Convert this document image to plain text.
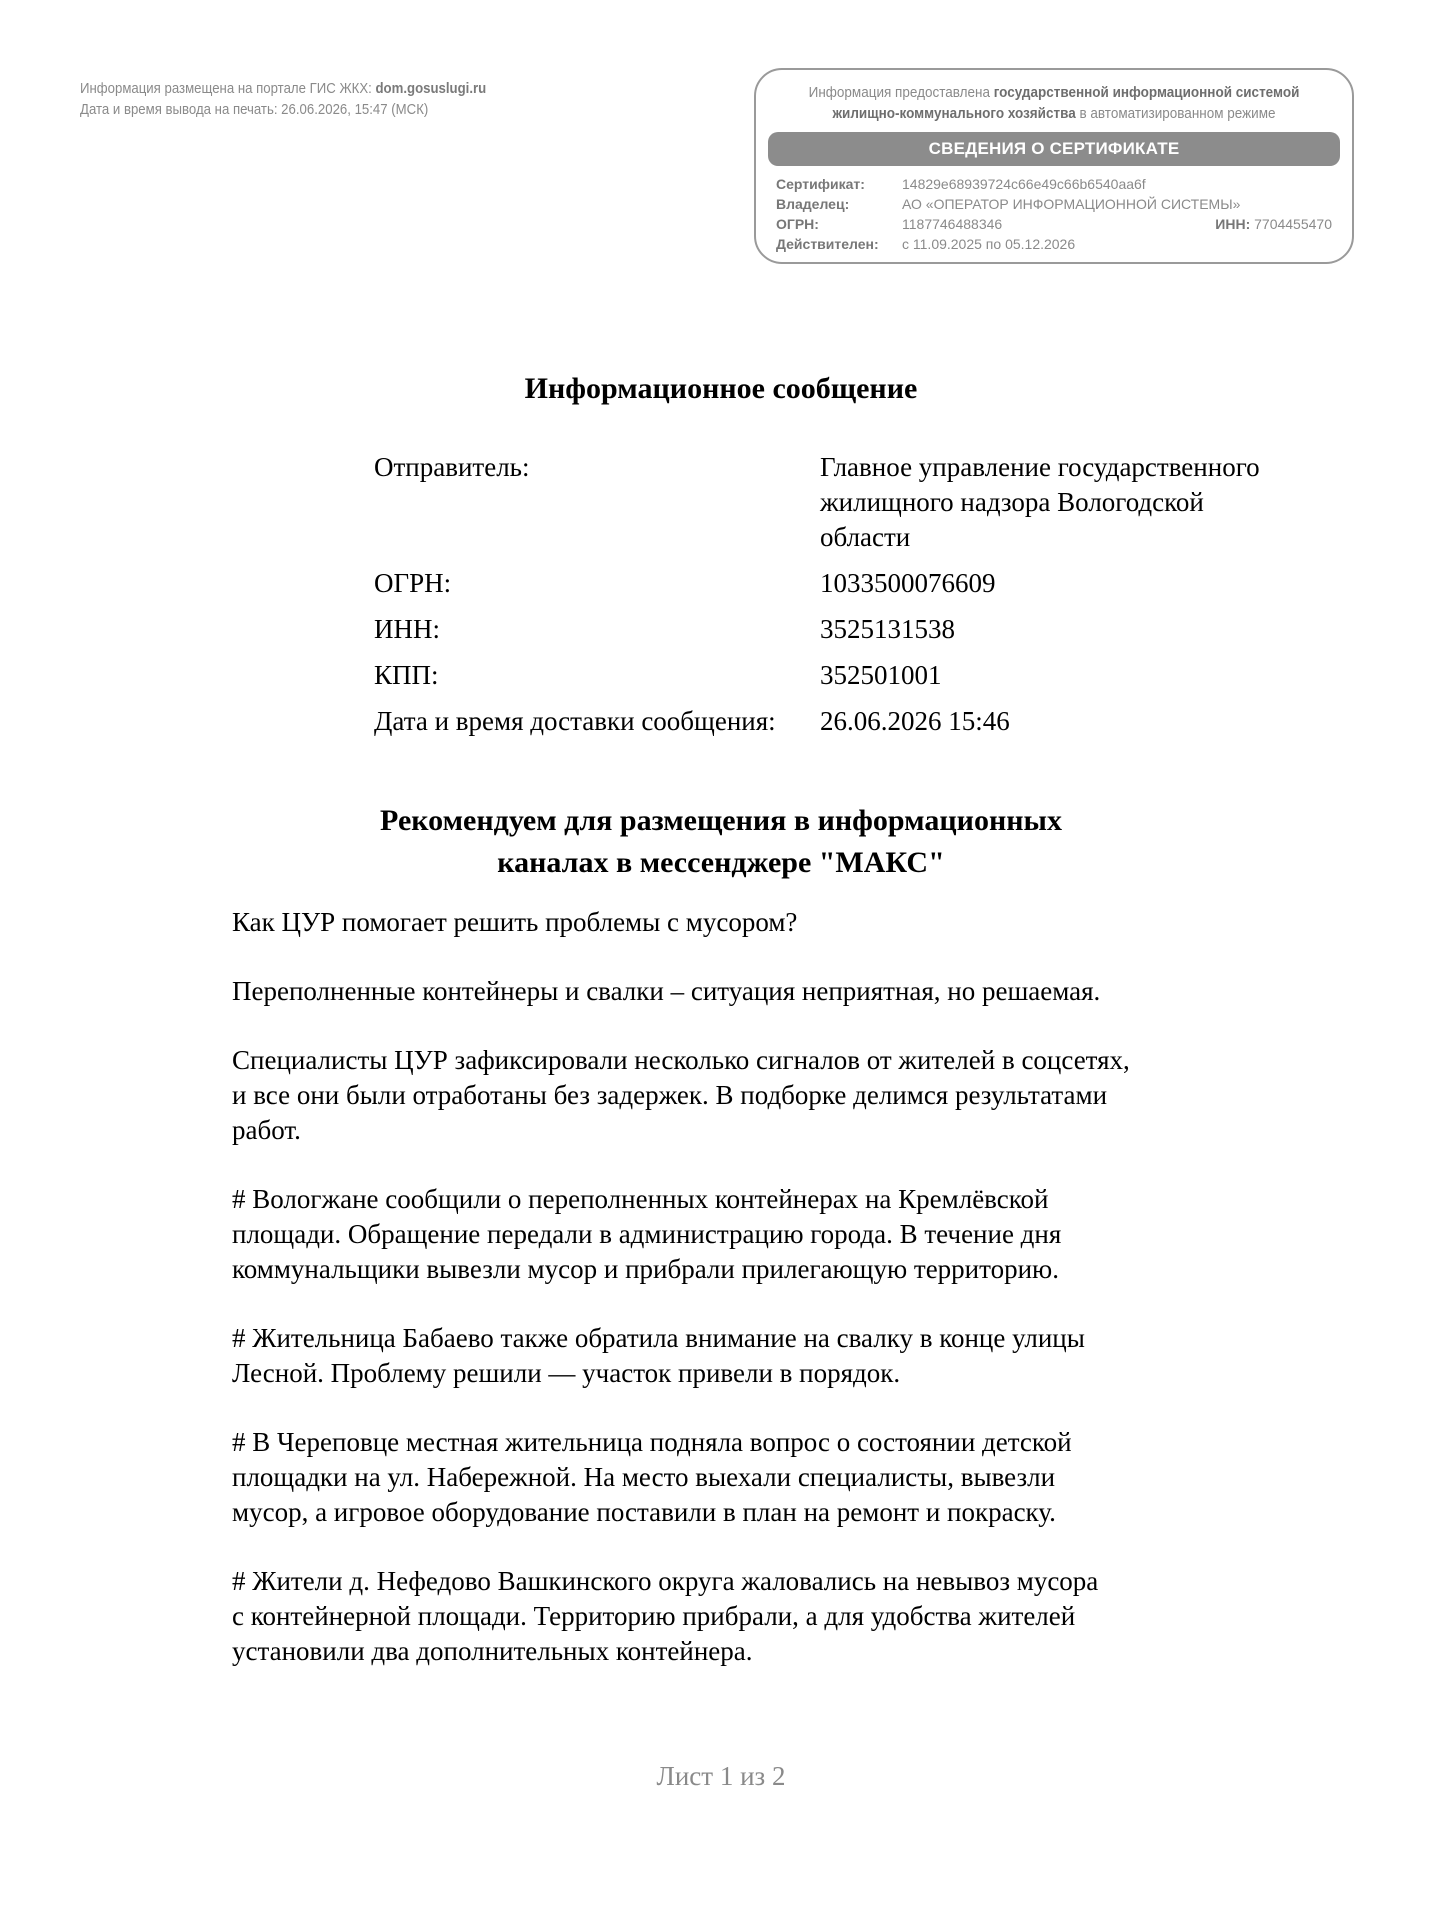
Информация размещена на портале ГИС ЖКХ: dom.gosuslugi.ru
Дата и время вывода на печать: 26.06.2026, 15:47 (МСК)
Информация предоставлена государственной информационной системой
жилищно-коммунального хозяйства в автоматизированном режиме
СВЕДЕНИЯ О СЕРТИФИКАТЕ
Сертификат:	14829e68939724c66e49c66b6540aa6f
Владелец:	АО «ОПЕРАТОР ИНФОРМАЦИОННОЙ СИСТЕМЫ»
ОГРН:	1187746488346	ИНН: 7704455470
Действителен: с 11.09.2025 по 05.12.2026
Информационное сообщение
Отправитель:	Главное управление государственного жилищного надзора Вологодской области
ОГРН:	1033500076609
ИНН:	3525131538
КПП:	352501001
Дата и время доставки сообщения:	26.06.2026 15:46
Рекомендуем для размещения в информационных
каналах в мессенджере "МАКС"

Как ЦУР помогает решить проблемы с мусором?

Переполненные контейнеры и свалки – ситуация неприятная, но решаемая.

Специалисты ЦУР зафиксировали несколько сигналов от жителей в соцсетях,
и все они были отработаны без задержек. В подборке делимся результатами
работ.

# Вологжане сообщили о переполненных контейнерах на Кремлёвской
площади. Обращение передали в администрацию города. В течение дня
коммунальщики вывезли мусор и прибрали прилегающую территорию.

# Жительница Бабаево также обратила внимание на свалку в конце улицы
Лесной. Проблему решили — участок привели в порядок.

# В Череповце местная жительница подняла вопрос о состоянии детской
площадки на ул. Набережной. На место выехали специалисты, вывезли
мусор, а игровое оборудование поставили в план на ремонт и покраску.

# Жители д. Нефедово Вашкинского округа жаловались на невывоз мусора
с контейнерной площади. Территорию прибрали, а для удобства жителей
установили два дополнительных контейнера.

Лист 1 из 2
